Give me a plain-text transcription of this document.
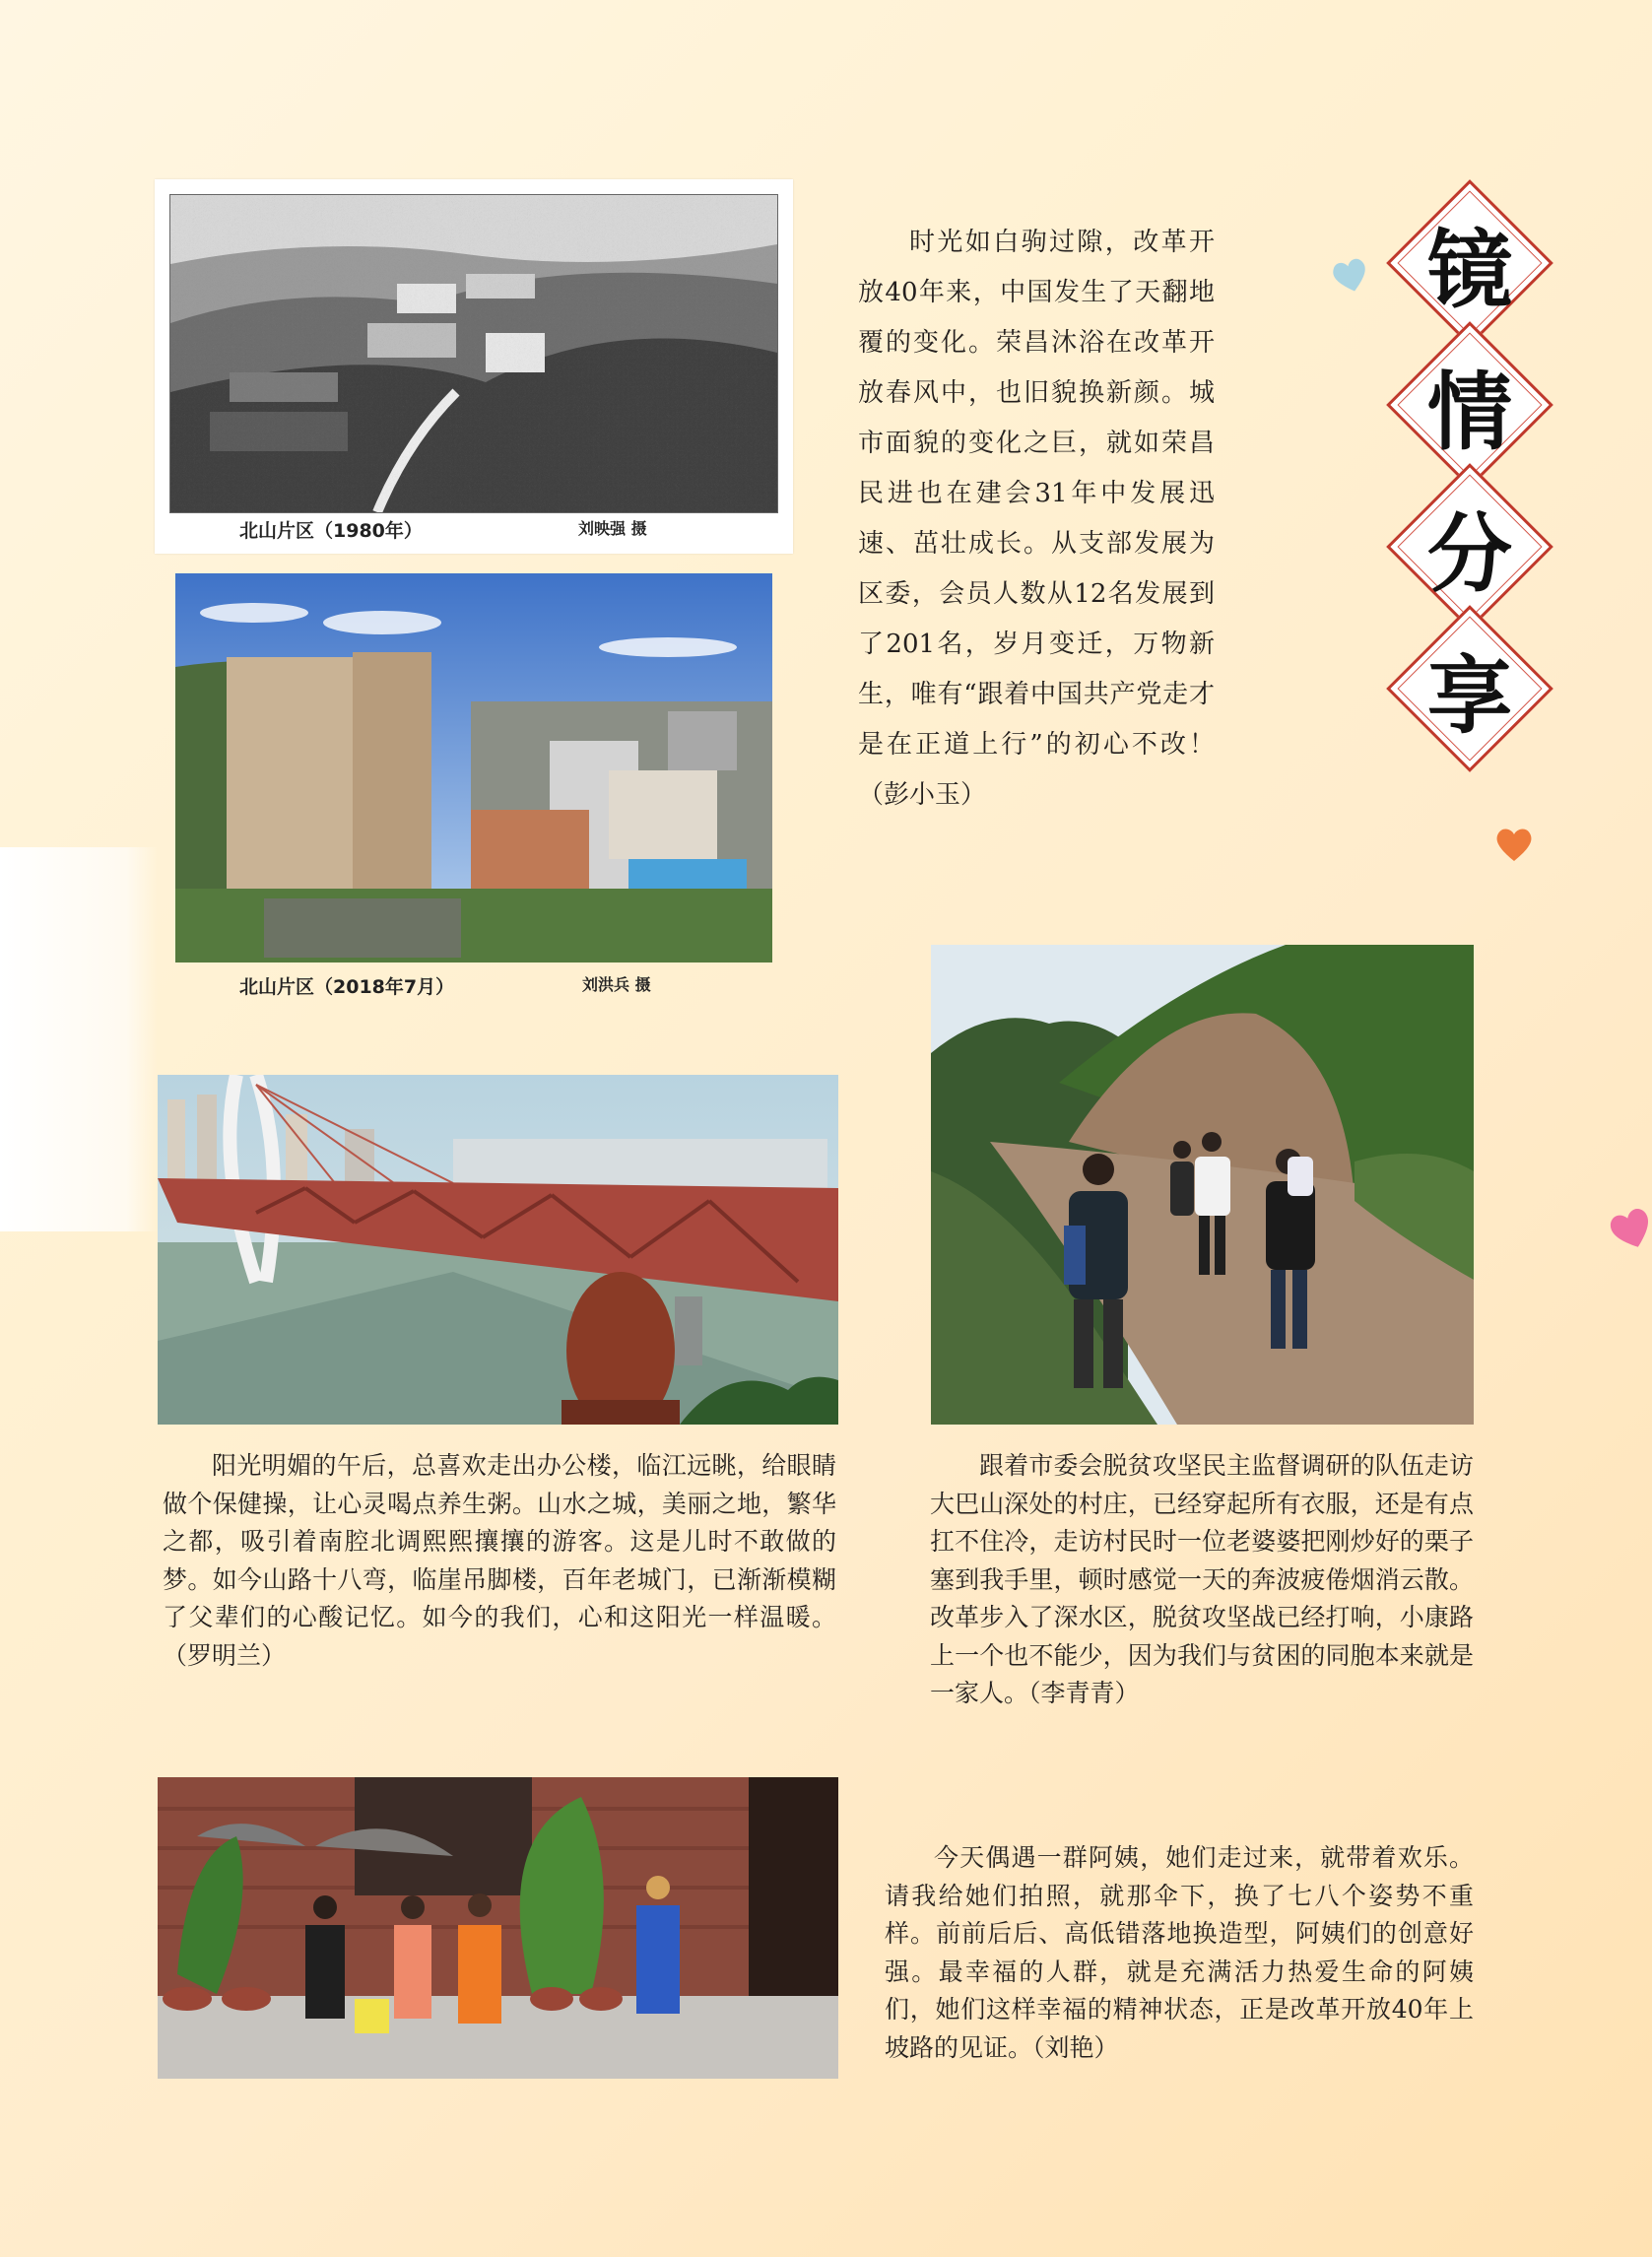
北山片区（1980年）	刘映强 摄
北山片区（2018年7月）	刘洪兵 摄

时光如白驹过隙，改革开放40年来，中国发生了天翻地覆的变化。荣昌沐浴在改革开放春风中，也旧貌换新颜。城市面貌的变化之巨，就如荣昌民进也在建会31年中发展迅速、茁壮成长。从支部发展为区委，会员人数从12名发展到了201名，岁月变迁，万物新生，唯有“跟着中国共产党走才是在正道上行”的初心不改！（彭小玉）

镜
情
分
享

阳光明媚的午后，总喜欢走出办公楼，临江远眺，给眼睛做个保健操，让心灵喝点养生粥。山水之城，美丽之地，繁华之都，吸引着南腔北调熙熙攘攘的游客。这是儿时不敢做的梦。如今山路十八弯，临崖吊脚楼，百年老城门，已渐渐模糊了父辈们的心酸记忆。如今的我们，心和这阳光一样温暖。（罗明兰）

跟着市委会脱贫攻坚民主监督调研的队伍走访大巴山深处的村庄，已经穿起所有衣服，还是有点扛不住冷，走访村民时一位老婆婆把刚炒好的栗子塞到我手里，顿时感觉一天的奔波疲倦烟消云散。改革步入了深水区，脱贫攻坚战已经打响，小康路上一个也不能少，因为我们与贫困的同胞本来就是一家人。（李青青）

今天偶遇一群阿姨，她们走过来，就带着欢乐。请我给她们拍照，就那伞下，换了七八个姿势不重样。前前后后、高低错落地换造型，阿姨们的创意好强。最幸福的人群，就是充满活力热爱生命的阿姨们，她们这样幸福的精神状态，正是改革开放40年上坡路的见证。（刘艳）
